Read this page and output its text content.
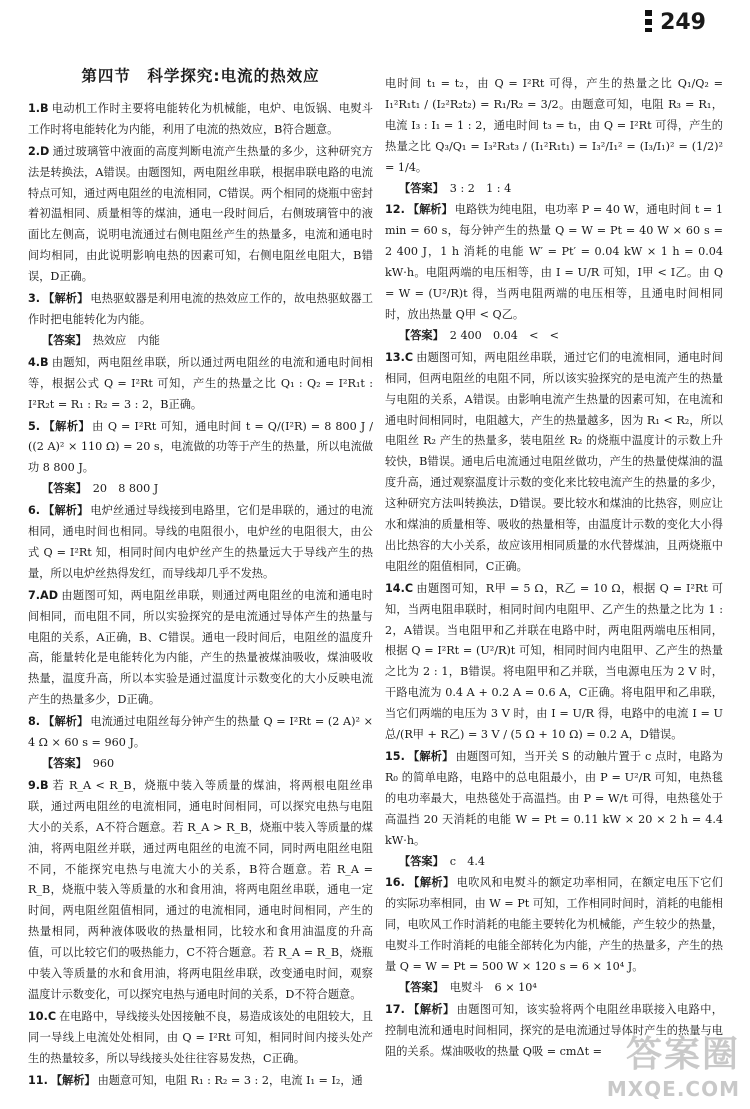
249
第四节　科学探究:电流的热效应
1.B 电动机工作时主要将电能转化为机械能，电炉、电饭锅、电熨斗工作时将电能转化为内能，利用了电流的热效应，B符合题意。
2.D 通过玻璃管中液面的高度判断电流产生热量的多少，这种研究方法是转换法，A错误。由题图知，两电阻丝串联，根据串联电路的电流特点可知，通过两电阻丝的电流相同，C错误。两个相同的烧瓶中密封着初温相同、质量相等的煤油，通电一段时间后，右侧玻璃管中的液面比左侧高，说明电流通过右侧电阻丝产生的热量多，电流和通电时间均相同，由此说明影响电热的因素可知，右侧电阻丝电阻大，B错误，D正确。
3. 【解析】 电热驱蚊器是利用电流的热效应工作的，故电热驱蚊器工作时把电能转化为内能。
【答案】 热效应　内能
4.B 由题知，两电阻丝串联，所以通过两电阻丝的电流和通电时间相等，根据公式 Q = I²Rt 可知，产生的热量之比 Q₁ : Q₂ = I²R₁t : I²R₂t = R₁ : R₂ = 3 : 2，B正确。
5. 【解析】 由 Q = I²Rt 可知，通电时间 t = Q/(I²R) = 8 800 J / ((2 A)² × 110 Ω) = 20 s，电流做的功等于产生的热量，所以电流做功 8 800 J。
【答案】 20　8 800 J
6. 【解析】 电炉丝通过导线接到电路里，它们是串联的，通过的电流相同，通电时间也相同。导线的电阻很小，电炉丝的电阻很大，由公式 Q = I²Rt 知，相同时间内电炉丝产生的热量远大于导线产生的热量，所以电炉丝热得发红，而导线却几乎不发热。
7.AD 由题图可知，两电阻丝串联，则通过两电阻丝的电流和通电时间相同，而电阻不同，所以实验探究的是电流通过导体产生的热量与电阻的关系，A正确，B、C错误。通电一段时间后，电阻丝的温度升高，能量转化是电能转化为内能，产生的热量被煤油吸收，煤油吸收热量，温度升高，所以本实验是通过温度计示数变化的大小反映电流产生的热量多少，D正确。
8. 【解析】 电流通过电阻丝每分钟产生的热量 Q = I²Rt = (2 A)² × 4 Ω × 60 s = 960 J。
【答案】 960
9.B 若 R_A < R_B，烧瓶中装入等质量的煤油，将两根电阻丝串联，通过两电阻丝的电流相同，通电时间相同，可以探究电热与电阻大小的关系，A不符合题意。若 R_A > R_B，烧瓶中装入等质量的煤油，将两电阻丝并联，通过两电阻丝的电流不同，同时两电阻丝电阻不同，不能探究电热与电流大小的关系，B符合题意。若 R_A = R_B，烧瓶中装入等质量的水和食用油，将两电阻丝串联，通电一定时间，两电阻丝阻值相同，通过的电流相同，通电时间相同，产生的热量相同，两种液体吸收的热量相同，比较水和食用油温度的升高值，可以比较它们的吸热能力，C不符合题意。若 R_A = R_B，烧瓶中装入等质量的水和食用油，将两电阻丝串联，改变通电时间，观察温度计示数变化，可以探究电热与通电时间的关系，D不符合题意。
10.C 在电路中，导线接头处因接触不良，易造成该处的电阻较大，且同一导线上电流处处相同，由 Q = I²Rt 可知，相同时间内接头处产生的热量较多，所以导线接头处往往容易发热，C正确。
11. 【解析】 由题意可知，电阻 R₁ : R₂ = 3 : 2，电流 I₁ = I₂，通
电时间 t₁ = t₂，由 Q = I²Rt 可得，产生的热量之比 Q₁/Q₂ = I₁²R₁t₁ / (I₂²R₂t₂) = R₁/R₂ = 3/2。由题意可知，电阻 R₃ = R₁，电流 I₃ : I₁ = 1 : 2，通电时间 t₃ = t₁，由 Q = I²Rt 可得，产生的热量之比 Q₃/Q₁ = I₃²R₃t₃ / (I₁²R₁t₁) = I₃²/I₁² = (I₃/I₁)² = (1/2)² = 1/4。
【答案】 3 : 2　1 : 4
12. 【解析】 电路铁为纯电阻，电功率 P = 40 W，通电时间 t = 1 min = 60 s，每分钟产生的热量 Q = W = Pt = 40 W × 60 s = 2 400 J，1 h 消耗的电能 W′ = Pt′ = 0.04 kW × 1 h = 0.04 kW·h。电阻两端的电压相等，由 I = U/R 可知，I甲 < I乙。由 Q = W = (U²/R)t 得，当两电阻两端的电压相等，且通电时间相同时，放出热量 Q甲 < Q乙。
【答案】 2 400　0.04　<　<
13.C 由题图可知，两电阻丝串联，通过它们的电流相同，通电时间相同，但两电阻丝的电阻不同，所以该实验探究的是电流产生的热量与电阻的关系，A错误。由影响电流产生热量的因素可知，在电流和通电时间相同时，电阻越大，产生的热量越多，因为 R₁ < R₂，所以电阻丝 R₂ 产生的热量多，装电阻丝 R₂ 的烧瓶中温度计的示数上升较快，B错误。通电后电流通过电阻丝做功，产生的热量使煤油的温度升高，通过观察温度计示数的变化来比较电流产生的热量的多少，这种研究方法叫转换法，D错误。要比较水和煤油的比热容，则应让水和煤油的质量相等、吸收的热量相等，由温度计示数的变化大小得出比热容的大小关系，故应该用相同质量的水代替煤油，且两烧瓶中电阻丝的阻值相同，C正确。
14.C 由题图可知，R甲 = 5 Ω，R乙 = 10 Ω，根据 Q = I²Rt 可知，当两电阻串联时，相同时间内电阻甲、乙产生的热量之比为 1 : 2，A错误。当电阻甲和乙并联在电路中时，两电阻两端电压相同，根据 Q = I²Rt = (U²/R)t 可知，相同时间内电阻甲、乙产生的热量之比为 2 : 1，B错误。将电阻甲和乙并联，当电源电压为 2 V 时，干路电流为 0.4 A + 0.2 A = 0.6 A，C正确。将电阻甲和乙串联，当它们两端的电压为 3 V 时，由 I = U/R 得，电路中的电流 I = U总/(R甲 + R乙) = 3 V / (5 Ω + 10 Ω) = 0.2 A，D错误。
15. 【解析】 由题图可知，当开关 S 的动触片置于 c 点时，电路为 R₀ 的简单电路，电路中的总电阻最小，由 P = U²/R 可知，电热毯的电功率最大，电热毯处于高温挡。由 P = W/t 可得，电热毯处于高温挡 20 天消耗的电能 W = Pt = 0.11 kW × 20 × 2 h = 4.4 kW·h。
【答案】 c　4.4
16. 【解析】 电吹风和电熨斗的额定功率相同，在额定电压下它们的实际功率相同，由 W = Pt 可知，工作相同时间时，消耗的电能相同，电吹风工作时消耗的电能主要转化为机械能，产生较少的热量，电熨斗工作时消耗的电能全部转化为内能，产生的热量多，产生的热量 Q = W = Pt = 500 W × 120 s = 6 × 10⁴ J。
【答案】 电熨斗　6 × 10⁴
17. 【解析】 由题图可知，该实验将两个电阻丝串联接入电路中，控制电流和通电时间相同，探究的是电流通过导体时产生的热量与电阻的关系。煤油吸收的热量 Q吸 = cmΔt = 答案圈
MXQE.COM
